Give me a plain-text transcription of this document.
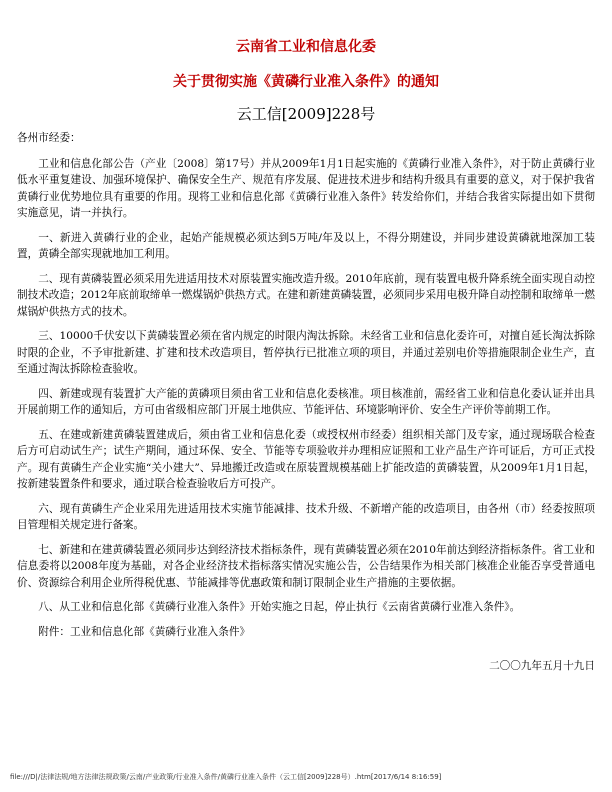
云南省工业和信息化委
关于贯彻实施《黄磷行业准入条件》的通知
云工信[2009]228号

各州市经委：

工业和信息化部公告（产业〔2008〕第17号）并从2009年1月1日起实施的《黄磷行业准入条件》，对于防止黄磷行业低水平重复建设、加强环境保护、确保安全生产、规范有序发展、促进技术进步和结构升级具有重要的意义，对于保护我省黄磷行业优势地位具有重要的作用。现将工业和信息化部《黄磷行业准入条件》转发给你们，并结合我省实际提出如下贯彻实施意见，请一并执行。

一、新进入黄磷行业的企业，起始产能规模必须达到5万吨/年及以上，不得分期建设，并同步建设黄磷就地深加工装置，黄磷全部实现就地加工利用。

二、现有黄磷装置必须采用先进适用技术对原装置实施改造升级。2010年底前，现有装置电极升降系统全面实现自动控制技术改造；2012年底前取缔单一燃煤锅炉供热方式。在建和新建黄磷装置，必须同步采用电极升降自动控制和取缔单一燃煤锅炉供热方式的技术。

三、10000千伏安以下黄磷装置必须在省内规定的时限内淘汰拆除。未经省工业和信息化委许可，对擅自延长淘汰拆除时限的企业，不予审批新建、扩建和技术改造项目，暂停执行已批准立项的项目，并通过差别电价等措施限制企业生产，直至通过淘汰拆除检查验收。

四、新建或现有装置扩大产能的黄磷项目须由省工业和信息化委核准。项目核准前，需经省工业和信息化委认证并出具开展前期工作的通知后，方可由省级相应部门开展土地供应、节能评估、环境影响评价、安全生产评价等前期工作。

五、在建或新建黄磷装置建成后，须由省工业和信息化委（或授权州市经委）组织相关部门及专家，通过现场联合检查后方可启动试生产；试生产期间，通过环保、安全、节能等专项验收并办理相应证照和工业产品生产许可证后，方可正式投产。现有黄磷生产企业实施“关小建大”、异地搬迁改造或在原装置规模基础上扩能改造的黄磷装置，从2009年1月1日起，按新建装置条件和要求，通过联合检查验收后方可投产。

六、现有黄磷生产企业采用先进适用技术实施节能减排、技术升级、不新增产能的改造项目，由各州（市）经委按照项目管理相关规定进行备案。

七、新建和在建黄磷装置必须同步达到经济技术指标条件，现有黄磷装置必须在2010年前达到经济指标条件。省工业和信息委将以2008年度为基础，对各企业经济技术指标落实情况实施公告，公告结果作为相关部门核准企业能否享受普通电价、资源综合利用企业所得税优惠、节能减排等优惠政策和制订限制企业生产措施的主要依据。

八、从工业和信息化部《黄磷行业准入条件》开始实施之日起，停止执行《云南省黄磷行业准入条件》。

附件：工业和信息化部《黄磷行业准入条件》

二〇〇九年五月十九日

file:///D|/法律法规/地方法律法规政策/云南/产业政策/行业准入条件/黄磷行业准入条件（云工信[2009]228号）.htm[2017/6/14 8:16:59]
